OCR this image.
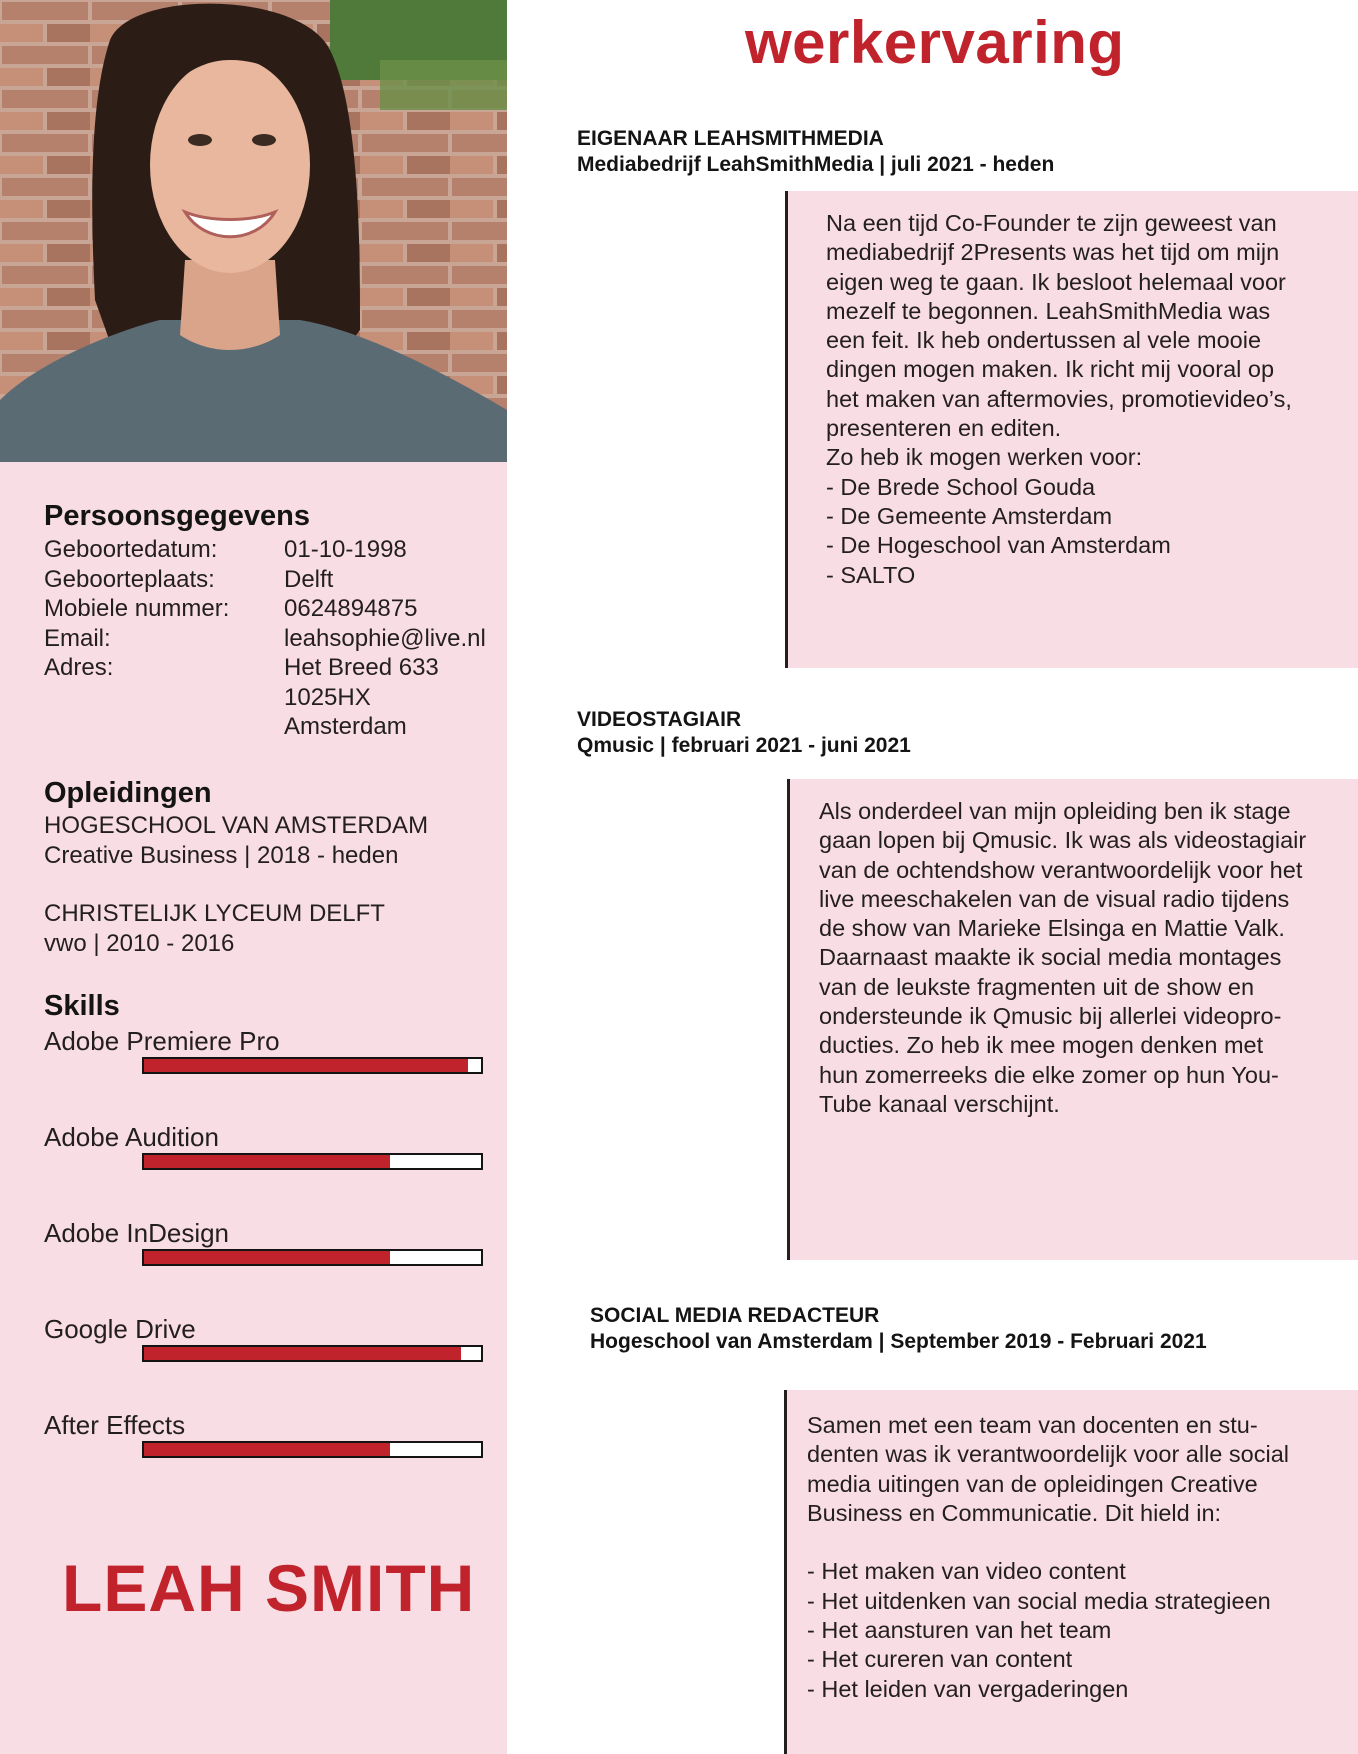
Persoonsgegevens
Geboortedatum:	01-10-1998
Geboorteplaats:	Delft
Mobiele nummer:	0624894875
Email:	leahsophie@live.nl
Adres:	Het Breed 633
1025HX
Amsterdam
Opleidingen
HOGESCHOOL VAN AMSTERDAM
Creative Business | 2018 - heden
CHRISTELIJK LYCEUM DELFT
vwo | 2010 - 2016
Skills
Adobe Premiere Pro
Adobe Audition
Adobe InDesign
Google Drive
After Effects
LEAH SMITH
werkervaring
EIGENAAR LEAHSMITHMEDIA
Mediabedrijf LeahSmithMedia | juli 2021 - heden
Na een tijd Co-Founder te zijn geweest van
mediabedrijf 2Presents was het tijd om mijn
eigen weg te gaan. Ik besloot helemaal voor
mezelf te begonnen. LeahSmithMedia was
een feit. Ik heb ondertussen al vele mooie
dingen mogen maken. Ik richt mij vooral op
het maken van aftermovies, promotievideo’s,
presenteren en editen.
Zo heb ik mogen werken voor:
- De Brede School Gouda
- De Gemeente Amsterdam
- De Hogeschool van Amsterdam
- SALTO
VIDEOSTAGIAIR
Qmusic | februari 2021 - juni 2021
Als onderdeel van mijn opleiding ben ik stage
gaan lopen bij Qmusic. Ik was als videostagiair
van de ochtendshow verantwoordelijk voor het
live meeschakelen van de visual radio tijdens
de show van Marieke Elsinga en Mattie Valk.
Daarnaast maakte ik social media montages
van de leukste fragmenten uit de show en
ondersteunde ik Qmusic bij allerlei videopro-
ducties. Zo heb ik mee mogen denken met
hun zomerreeks die elke zomer op hun You-
Tube kanaal verschijnt.
SOCIAL MEDIA REDACTEUR
Hogeschool van Amsterdam | September 2019 - Februari 2021
Samen met een team van docenten en stu-
denten was ik verantwoordelijk voor alle social
media uitingen van de opleidingen Creative
Business en Communicatie. Dit hield in:

- Het maken van video content
- Het uitdenken van social media strategieen
- Het aansturen van het team
- Het cureren van content
- Het leiden van vergaderingen
